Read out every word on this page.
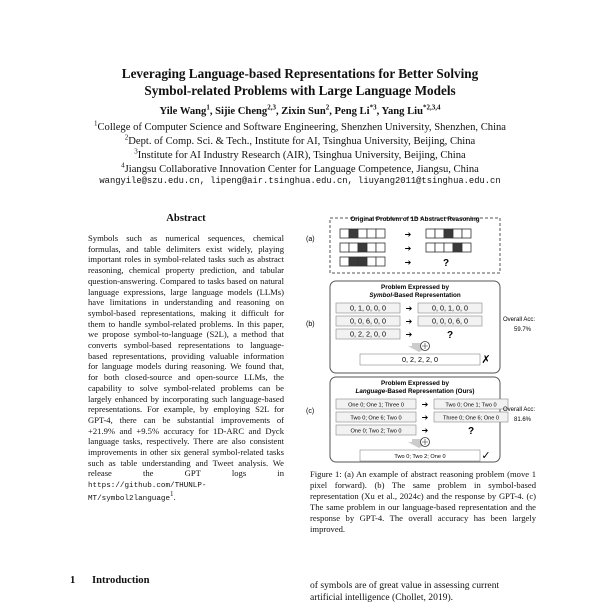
Leveraging Language-based Representations for Better Solving
Symbol-related Problems with Large Language Models
Yile Wang$^1$, Sijie Cheng$^{2,3}$, Zixin Sun$^2$, Peng Li$^{*3}$, Yang Liu$^{*2,3,4}$
$^1$College of Computer Science and Software Engineering, Shenzhen University, Shenzhen, China
$^2$Dept. of Comp. Sci. & Tech., Institute for AI, Tsinghua University, Beijing, China
$^3$Institute for AI Industry Research (AIR), Tsinghua University, Beijing, China
$^4$Jiangsu Collaborative Innovation Center for Language Competence, Jiangsu, China
wangyile@szu.edu.cn, lipeng@air.tsinghua.edu.cn, liuyang2011@tsinghua.edu.cn
Abstract
Symbols such as numerical sequences, chemical formulas, and table delimiters exist widely, playing important roles in symbol-related tasks such as abstract reasoning, chemical property prediction, and tabular question-answering. Compared to tasks based on natural language expressions, large language models (LLMs) have limitations in understanding and reasoning on symbol-based representations, making it difficult for them to handle symbol-related problems. In this paper, we propose symbol-to-language (S2L), a method that converts symbol-based representations to language-based representations, providing valuable information for language models during reasoning. We found that, for both closed-source and open-source LLMs, the capability to solve symbol-related problems can be largely enhanced by incorporating such language-based representations. For example, by employing S2L for GPT-4, there can be substantial improvements of +21.9% and +9.5% accuracy for 1D-ARC and Dyck language tasks, respectively. There are also consistent improvements in other six general symbol-related tasks such as table understanding and Tweet analysis. We release the GPT logs in https://github.com/THUNLP-MT/symbol2language$^1$.
1 Introduction
(a)
Original Problem of 1D Abstract Reasoning
➔
➔
➔	?
(b)
Problem Expressed by
Symbol-Based Representation
0, 1, 0, 0, 0 ➔	0, 0, 1, 0, 0
0, 0, 6, 0, 0 ➔	0, 0, 0, 6, 0
0, 2, 2, 0, 0 ➔	?
0, 2, 2, 2, 0	✗
Overall Acc:
59.7%
(c)
Problem Expressed by
Language-Based Representation (Ours)
One 0; One 1; Three 0 ➔	Two 0; One 1; Two 0
Two 0; One 6; Two 0	➔	Three 0; One 6; One 0
One 0; Two 2; Two 0	➔	?
Two 0; Two 2; One 0	✓
Overall Acc:
81.6%
Figure 1: (a) An example of abstract reasoning problem (move 1 pixel forward). (b) The same problem in symbol-based representation (Xu et al., 2024c) and the response by GPT-4. (c) The same problem in our language-based representation and the response by GPT-4. The overall accuracy has been largely improved.
of symbols are of great value in assessing current
artificial intelligence (Chollet, 2019).
